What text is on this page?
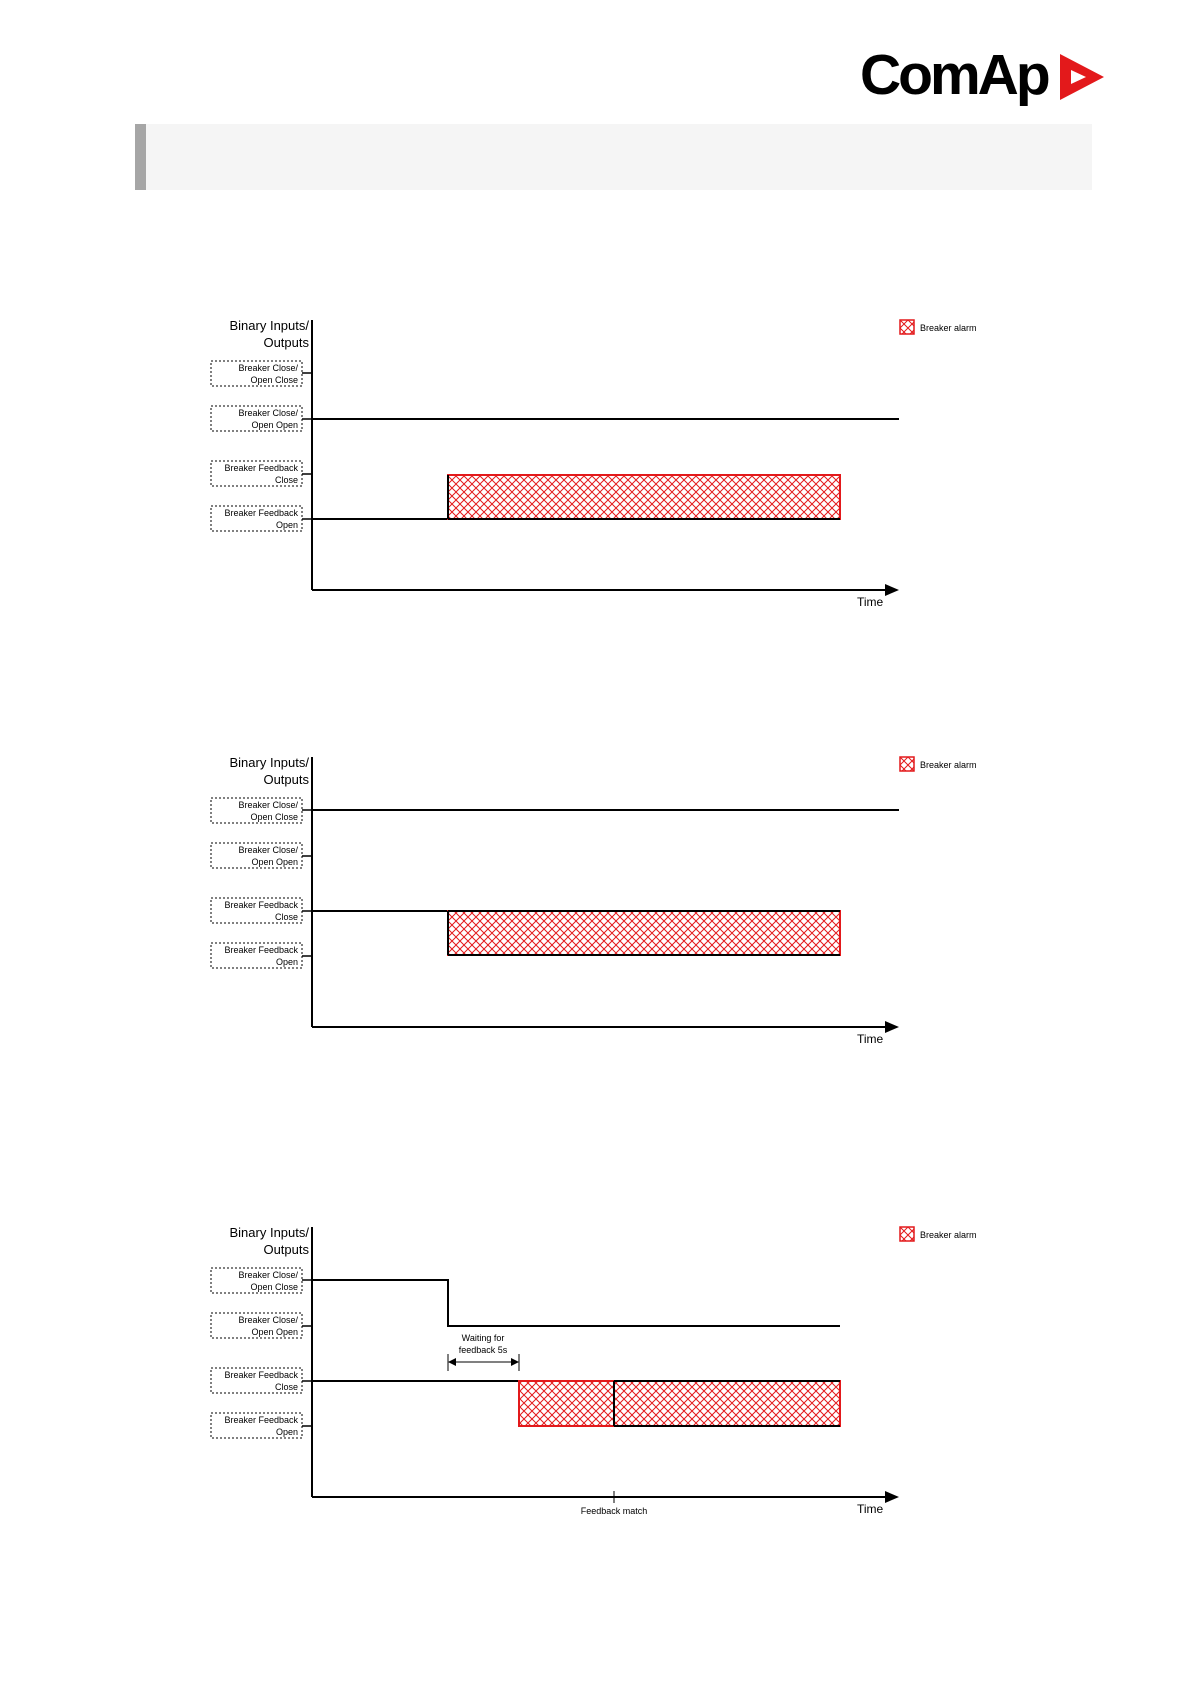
ComAp
Binary Inputs/
Outputs
Breaker Close/
Open Close
Breaker Close/
Open Open
Breaker Feedback
Close
Breaker Feedback
Open
Time
Breaker alarm
Binary Inputs/
Outputs
Breaker Close/
Open Close
Breaker Close/
Open Open
Breaker Feedback
Close
Breaker Feedback
Open
Time
Breaker alarm
Binary Inputs/
Outputs
Breaker Close/
Open Close
Breaker Close/
Open Open
Breaker Feedback
Close
Breaker Feedback
Open
Time
Waiting for
feedback 5s
Feedback match
Breaker alarm
